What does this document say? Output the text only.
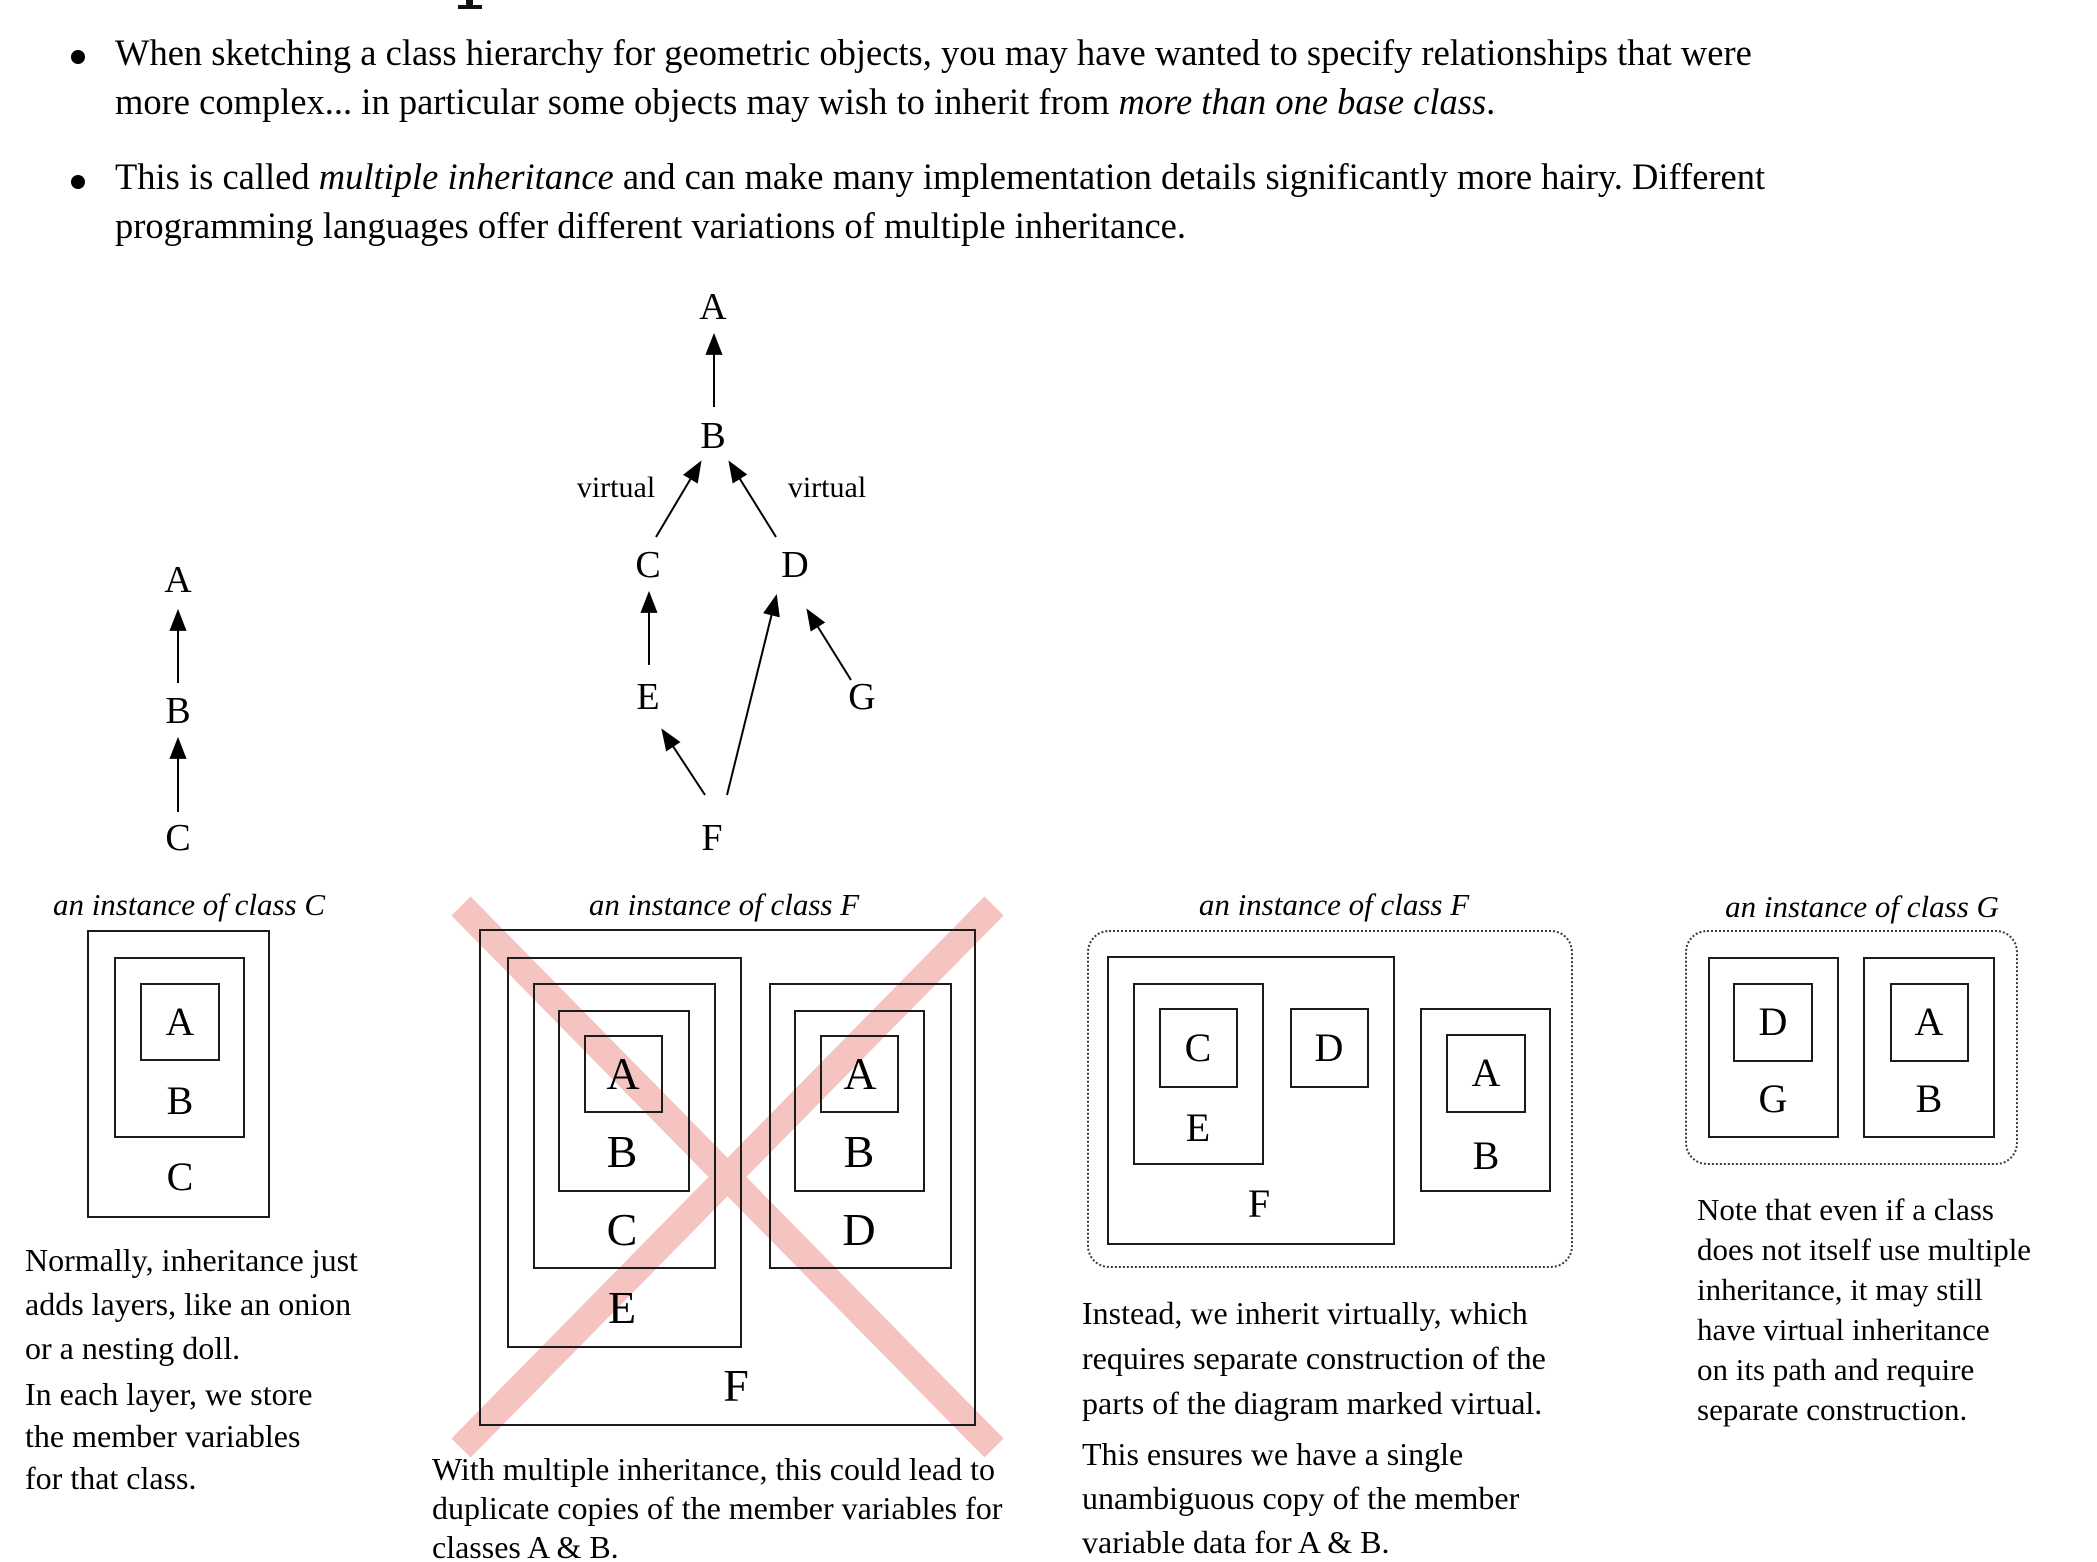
When sketching a class hierarchy for geometric objects, you may have wanted to specify relationships that were
more complex... in particular some objects may wish to inherit from more than one base class.
This is called multiple inheritance and can make many implementation details significantly more hairy. Different
programming languages offer different variations of multiple inheritance.
A
B
C
A
B
virtual	virtual
C	D
E	G
F
an instance of class C
A
B
C
Normally, inheritance just
adds layers, like an onion
or a nesting doll.
In each layer, we store
the member variables
for that class.
an instance of class F
A
B
C
E
A
B
D
F
With multiple inheritance, this could lead to
duplicate copies of the member variables for
classes A & B.
an instance of class F
C	D
E
F
A
B
Instead, we inherit virtually, which
requires separate construction of the
parts of the diagram marked virtual.
This ensures we have a single
unambiguous copy of the member
variable data for A & B.
an instance of class G
D
G
A
B
Note that even if a class
does not itself use multiple
inheritance, it may still
have virtual inheritance
on its path and require
separate construction.
